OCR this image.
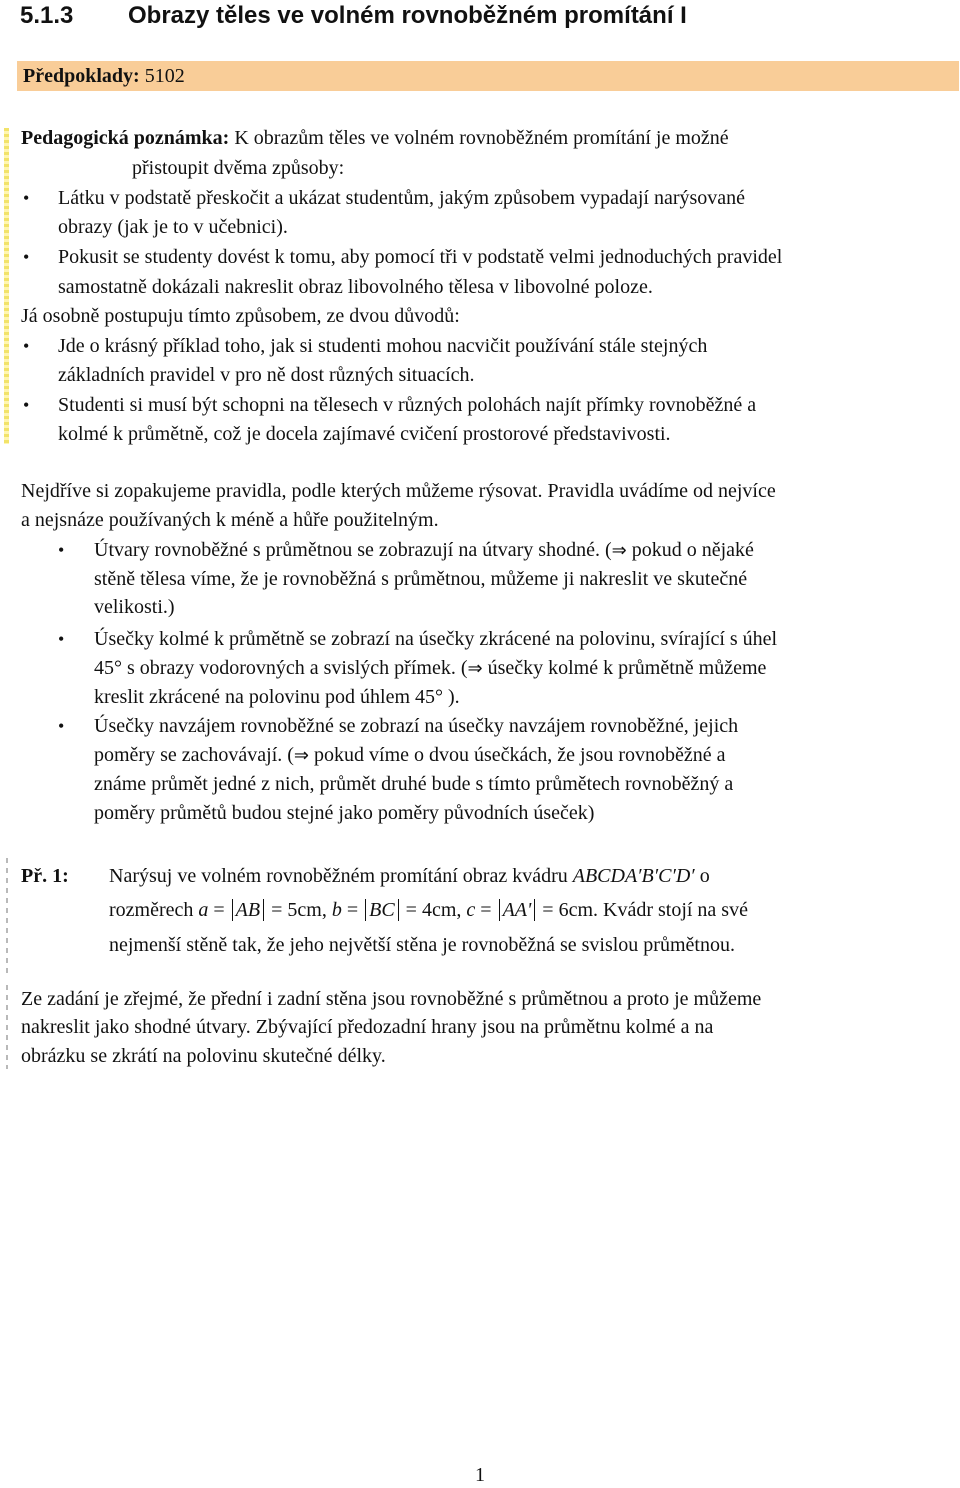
5.1.3 Obrazy těles ve volném rovnoběžném promítání I
Předpoklady: 5102
Pedagogická poznámka: K obrazům těles ve volném rovnoběžném promítání je možné
přistoupit dvěma způsoby:
• Látku v podstatě přeskočit a ukázat studentům, jakým způsobem vypadají narýsované
obrazy (jak je to v učebnici).
• Pokusit se studenty dovést k tomu, aby pomocí tři v podstatě velmi jednoduchých pravidel
samostatně dokázali nakreslit obraz libovolného tělesa v libovolné poloze.
Já osobně postupuju tímto způsobem, ze dvou důvodů:
• Jde o krásný příklad toho, jak si studenti mohou nacvičit používání stále stejných
základních pravidel v pro ně dost různých situacích.
• Studenti si musí být schopni na tělesech v různých polohách najít přímky rovnoběžné a
kolmé k průmětně, což je docela zajímavé cvičení prostorové představivosti.
Nejdříve si zopakujeme pravidla, podle kterých můžeme rýsovat. Pravidla uvádíme od nejvíce
a nejsnáze používaných k méně a hůře použitelným.
• Útvary rovnoběžné s průmětnou se zobrazují na útvary shodné. (⇒ pokud o nějaké
stěně tělesa víme, že je rovnoběžná s průmětnou, můžeme ji nakreslit ve skutečné
velikosti.)
• Úsečky kolmé k průmětně se zobrazí na úsečky zkrácené na polovinu, svírající s úhel
45° s obrazy vodorovných a svislých přímek. (⇒ úsečky kolmé k průmětně můžeme
kreslit zkrácené na polovinu pod úhlem 45° ).
• Úsečky navzájem rovnoběžné se zobrazí na úsečky navzájem rovnoběžné, jejich
poměry se zachovávají. (⇒ pokud víme o dvou úsečkách, že jsou rovnoběžné a
známe průmět jedné z nich, průmět druhé bude s tímto průmětech rovnoběžný a
poměry průmětů budou stejné jako poměry původních úseček)
Př. 1: Narýsuj ve volném rovnoběžném promítání obraz kvádru ABCDA′B′C′D′ o
rozměrech a = AB = 5cm, b = BC = 4cm, c = AA' = 6cm. Kvádr stojí na své
nejmenší stěně tak, že jeho největší stěna je rovnoběžná se svislou průmětnou.
Ze zadání je zřejmé, že přední i zadní stěna jsou rovnoběžné s průmětnou a proto je můžeme
nakreslit jako shodné útvary. Zbývající předozadní hrany jsou na průmětnu kolmé a na
obrázku se zkrátí na polovinu skutečné délky.
1
